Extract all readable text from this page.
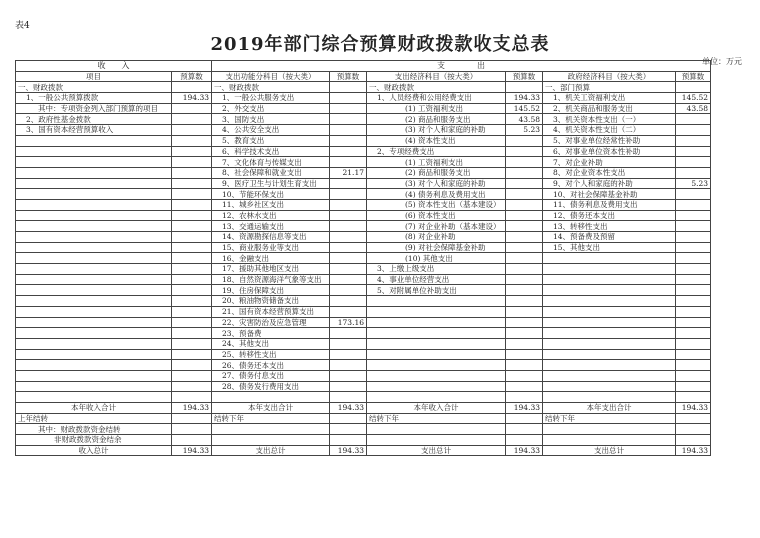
表4
2019年部门综合预算财政拨款收支总表
单位：万元
收　　入		支　　　　出					
项目	预算数	支出功能分科目（按大类）	预算数	支出经济科目（按大类）	预算数	政府经济科目（按大类）	预算数
一、财政拨款		一、财政拨款		一、财政拨款		一、部门预算	
1、一般公共预算拨款	194.33	1、一般公共服务支出		1、人员经费和公用经费支出	194.33	1、机关工资福利支出	145.52
其中：专项资金列入部门预算的项目		2、外交支出		(1) 工资福利支出	145.52	2、机关商品和服务支出	43.58
2、政府性基金拨款		3、国防支出		(2) 商品和服务支出	43.58	3、机关资本性支出（一）	
3、国有资本经营预算收入		4、公共安全支出		(3) 对个人和家庭的补助	5.23	4、机关资本性支出（二）	
		5、教育支出		(4) 资本性支出		5、对事业单位经常性补助	
		6、科学技术支出		2、专项经费支出		6、对事业单位资本性补助	
		7、文化体育与传媒支出		(1) 工资福利支出		7、对企业补助	
		8、社会保障和就业支出	21.17	(2) 商品和服务支出		8、对企业资本性支出	
		9、医疗卫生与计划生育支出		(3) 对个人和家庭的补助		9、对个人和家庭的补助	5.23
		10、节能环保支出		(4) 债务利息及费用支出		10、对社会保障基金补助	
		11、城乡社区支出		(5) 资本性支出（基本建设）		11、债务利息及费用支出	
		12、农林水支出		(6) 资本性支出		12、债务还本支出	
		13、交通运输支出		(7) 对企业补助（基本建设）		13、转移性支出	
		14、资源勘探信息等支出		(8) 对企业补助		14、预备费及预留	
		15、商业服务业等支出		(9) 对社会保障基金补助		15、其他支出	
		16、金融支出		(10) 其他支出			
		17、援助其他地区支出		3、上缴上级支出			
		18、自然资源海洋气象等支出		4、事业单位经营支出			
		19、住房保障支出		5、对附属单位补助支出			
		20、粮油物资储备支出					
		21、国有资本经营预算支出					
		22、灾害防治及应急管理	173.16				
		23、预备费					
		24、其他支出					
		25、转移性支出					
		26、债务还本支出					
		27、债务付息支出					
		28、债务发行费用支出					

本年收入合计	194.33	本年支出合计	194.33	本年收入合计	194.33	本年支出合计	194.33
上年结转		结转下年		结转下年		结转下年	
其中：财政拨款资金结转							
非财政拨款资金结余							
收入总计	194.33	支出总计	194.33	支出总计	194.33	支出总计	194.33
